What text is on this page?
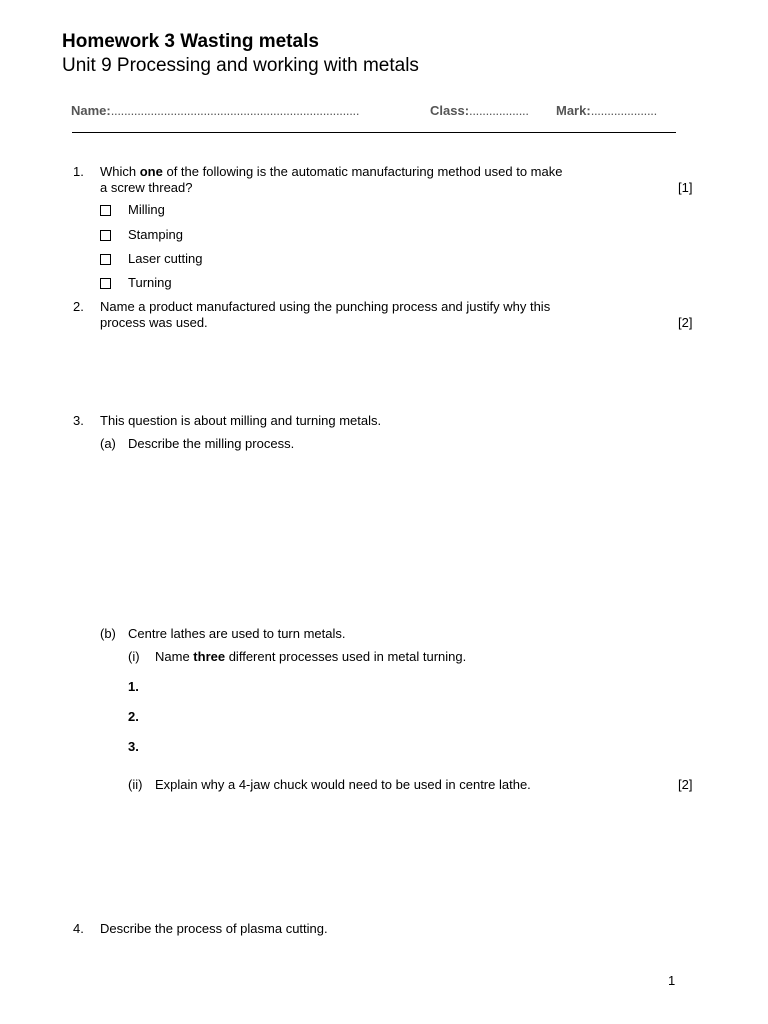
Homework 3 Wasting metals
Unit 9 Processing and working with metals
Name:...........................................................................	Class:.................. Mark:....................
1. Which one of the following is the automatic manufacturing method used to make
a screw thread?	[1]
Milling
Stamping
Laser cutting
Turning
2. Name a product manufactured using the punching process and justify why this
process was used.	[2]
3. This question is about milling and turning metals.
(a) Describe the milling process.
(b) Centre lathes are used to turn metals.
(i) Name three different processes used in metal turning.
1.
2.
3.
(ii) Explain why a 4-jaw chuck would need to be used in centre lathe.	[2]
4. Describe the process of plasma cutting.
1
